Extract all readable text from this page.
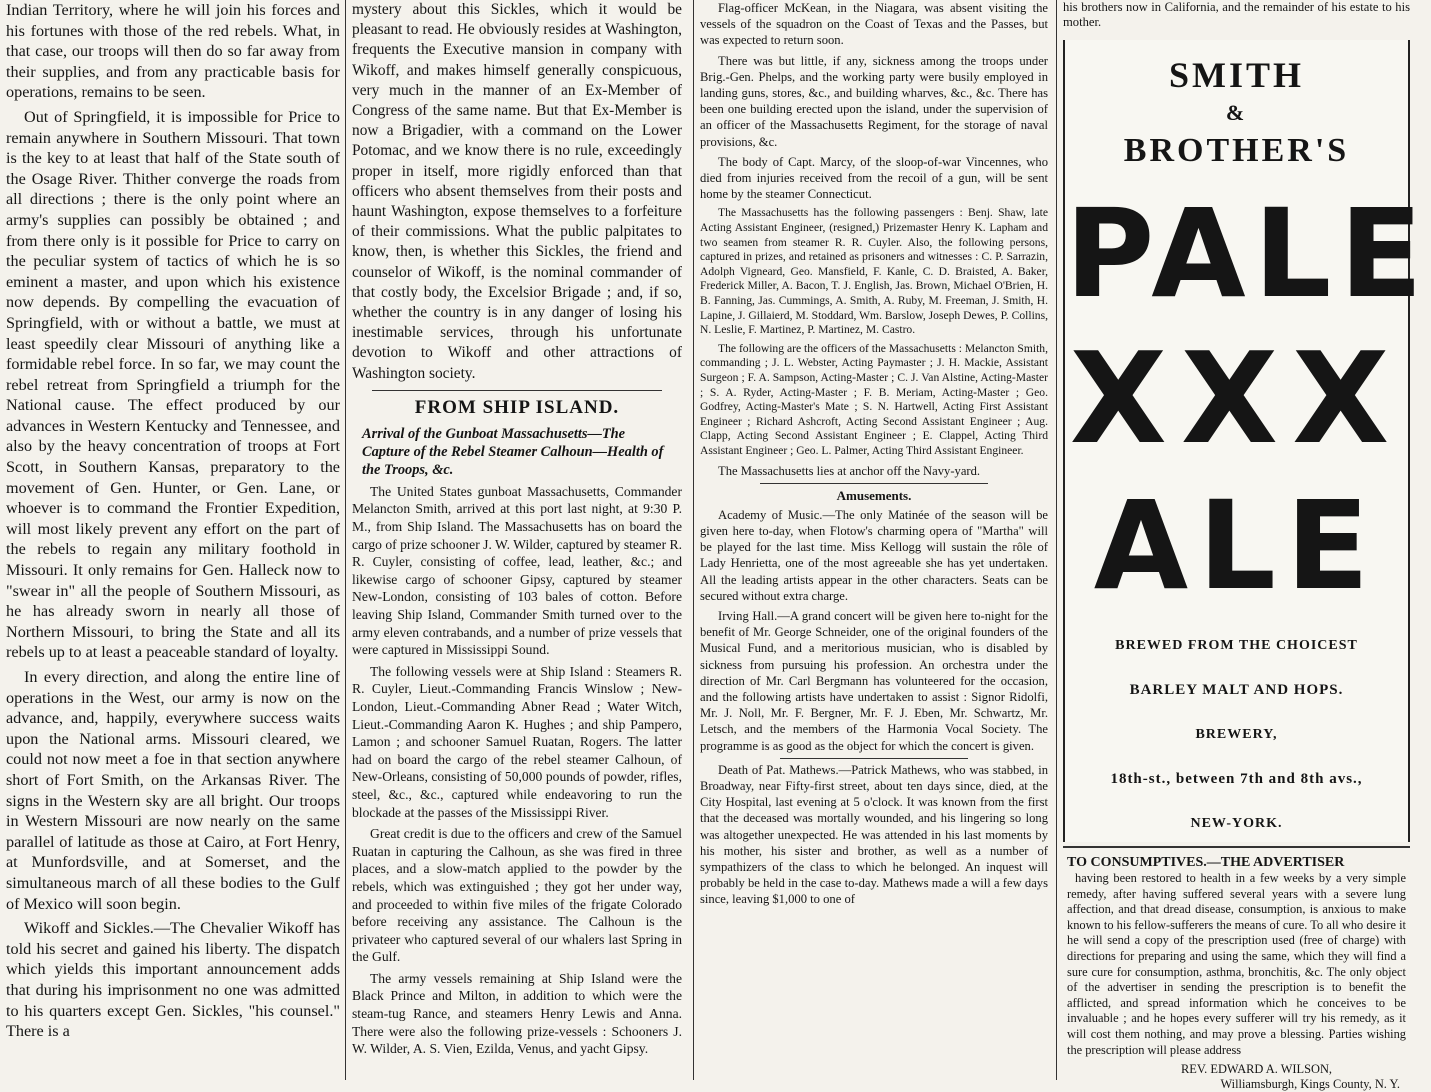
Indian Territory, where he will join his forces and his fortunes with those of the red rebels. What, in that case, our troops will then do so far away from their supplies, and from any practicable basis for operations, remains to be seen.

Out of Springfield, it is impossible for Price to remain anywhere in Southern Missouri. That town is the key to at least that half of the State south of the Osage River. Thither converge the roads from all directions ; there is the only point where an army's supplies can possibly be obtained ; and from there only is it possible for Price to carry on the peculiar system of tactics of which he is so eminent a master, and upon which his existence now depends. By compelling the evacuation of Springfield, with or without a battle, we must at least speedily clear Missouri of anything like a formidable rebel force. In so far, we may count the rebel retreat from Springfield a triumph for the National cause. The effect produced by our advances in Western Kentucky and Tennessee, and also by the heavy concentration of troops at Fort Scott, in Southern Kansas, preparatory to the movement of Gen. Hunter, or Gen. Lane, or whoever is to command the Frontier Expedition, will most likely prevent any effort on the part of the rebels to regain any military foothold in Missouri. It only remains for Gen. Halleck now to "swear in" all the people of Southern Missouri, as he has already sworn in nearly all those of Northern Missouri, to bring the State and all its rebels up to at least a peaceable standard of loyalty.

In every direction, and along the entire line of operations in the West, our army is now on the advance, and, happily, everywhere success waits upon the National arms. Missouri cleared, we could not now meet a foe in that section anywhere short of Fort Smith, on the Arkansas River. The signs in the Western sky are all bright. Our troops in Western Missouri are now nearly on the same parallel of latitude as those at Cairo, at Fort Henry, at Munfordsville, and at Somerset, and the simultaneous march of all these bodies to the Gulf of Mexico will soon begin.

Wikoff and Sickles.—The Chevalier Wikoff has told his secret and gained his liberty. The dispatch which yields this important announcement adds that during his imprisonment no one was admitted to his quarters except Gen. Sickles, "his counsel." There is a

mystery about this Sickles, which it would be pleasant to read. He obviously resides at Washington, frequents the Executive mansion in company with Wikoff, and makes himself generally conspicuous, very much in the manner of an Ex-Member of Congress of the same name. But that Ex-Member is now a Brigadier, with a command on the Lower Potomac, and we know there is no rule, exceedingly proper in itself, more rigidly enforced than that officers who absent themselves from their posts and haunt Washington, expose themselves to a forfeiture of their commissions. What the public palpitates to know, then, is whether this Sickles, the friend and counselor of Wikoff, is the nominal commander of that costly body, the Excelsior Brigade ; and, if so, whether the country is in any danger of losing his inestimable services, through his unfortunate devotion to Wikoff and other attractions of Washington society.

FROM SHIP ISLAND.
Arrival of the Gunboat Massachusetts—The Capture of the Rebel Steamer Calhoun—Health of the Troops, &c.

The United States gunboat Massachusetts, Commander Melancton Smith, arrived at this port last night, at 9:30 P. M., from Ship Island. The Massachusetts has on board the cargo of prize schooner J. W. Wilder, captured by steamer R. R. Cuyler, consisting of coffee, lead, leather, &c.; and likewise cargo of schooner Gipsy, captured by steamer New-London, consisting of 103 bales of cotton. Before leaving Ship Island, Commander Smith turned over to the army eleven contrabands, and a number of prize vessels that were captured in Mississippi Sound.

The following vessels were at Ship Island : Steamers R. R. Cuyler, Lieut.-Commanding Francis Winslow ; New-London, Lieut.-Commanding Abner Read ; Water Witch, Lieut.-Commanding Aaron K. Hughes ; and ship Pampero, Lamon ; and schooner Samuel Ruatan, Rogers. The latter had on board the cargo of the rebel steamer Calhoun, of New-Orleans, consisting of 50,000 pounds of powder, rifles, steel, &c., &c., captured while endeavoring to run the blockade at the passes of the Mississippi River.

Great credit is due to the officers and crew of the Samuel Ruatan in capturing the Calhoun, as she was fired in three places, and a slow-match applied to the powder by the rebels, which was extinguished ; they got her under way, and proceeded to within five miles of the frigate Colorado before receiving any assistance. The Calhoun is the privateer who captured several of our whalers last Spring in the Gulf.

The army vessels remaining at Ship Island were the Black Prince and Milton, in addition to which were the steam-tug Rance, and steamers Henry Lewis and Anna. There were also the following prize-vessels : Schooners J. W. Wilder, A. S. Vien, Ezilda, Venus, and yacht Gipsy.

Flag-officer McKean, in the Niagara, was absent visiting the vessels of the squadron on the Coast of Texas and the Passes, but was expected to return soon.

There was but little, if any, sickness among the troops under Brig.-Gen. Phelps, and the working party were busily employed in landing guns, stores, &c., and building wharves, &c., &c. There has been one building erected upon the island, under the supervision of an officer of the Massachusetts Regiment, for the storage of naval provisions, &c.

The body of Capt. Marcy, of the sloop-of-war Vincennes, who died from injuries received from the recoil of a gun, will be sent home by the steamer Connecticut.

The Massachusetts has the following passengers : Benj. Shaw, late Acting Assistant Engineer, (resigned,) Prizemaster Henry K. Lapham and two seamen from steamer R. R. Cuyler. Also, the following persons, captured in prizes, and retained as prisoners and witnesses : C. P. Sarrazin, Adolph Vigneard, Geo. Mansfield, F. Kanle, C. D. Braisted, A. Baker, Frederick Miller, A. Bacon, T. J. English, Jas. Brown, Michael O'Brien, H. B. Fanning, Jas. Cummings, A. Smith, A. Ruby, M. Freeman, J. Smith, H. Lapine, J. Gillaierd, M. Stoddard, Wm. Barslow, Joseph Dewes, P. Collins, N. Leslie, F. Martinez, P. Martinez, M. Castro.

The following are the officers of the Massachusetts : Melancton Smith, commanding ; J. L. Webster, Acting Paymaster ; J. H. Mackie, Assistant Surgeon ; F. A. Sampson, Acting-Master ; C. J. Van Alstine, Acting-Master ; S. A. Ryder, Acting-Master ; F. B. Meriam, Acting-Master ; Geo. Godfrey, Acting-Master's Mate ; S. N. Hartwell, Acting First Assistant Engineer ; Richard Ashcroft, Acting Second Assistant Engineer ; Aug. Clapp, Acting Second Assistant Engineer ; E. Clappel, Acting Third Assistant Engineer ; Geo. L. Palmer, Acting Third Assistant Engineer.

The Massachusetts lies at anchor off the Navy-yard.

Amusements.

Academy of Music.—The only Matinée of the season will be given here to-day, when Flotow's charming opera of "Martha" will be played for the last time. Miss Kellogg will sustain the rôle of Lady Henrietta, one of the most agreeable she has yet undertaken. All the leading artists appear in the other characters. Seats can be secured without extra charge.

Irving Hall.—A grand concert will be given here to-night for the benefit of Mr. George Schneider, one of the original founders of the Musical Fund, and a meritorious musician, who is disabled by sickness from pursuing his profession. An orchestra under the direction of Mr. Carl Bergmann has volunteered for the occasion, and the following artists have undertaken to assist : Signor Ridolfi, Mr. J. Noll, Mr. F. Bergner, Mr. F. J. Eben, Mr. Schwartz, Mr. Letsch, and the members of the Harmonia Vocal Society. The programme is as good as the object for which the concert is given.

Death of Pat. Mathews.—Patrick Mathews, who was stabbed, in Broadway, near Fifty-first street, about ten days since, died, at the City Hospital, last evening at 5 o'clock. It was known from the first that the deceased was mortally wounded, and his lingering so long was altogether unexpected. He was attended in his last moments by his mother, his sister and brother, as well as a number of sympathizers of the class to which he belonged. An inquest will probably be held in the case to-day. Mathews made a will a few days since, leaving $1,000 to one of

his brothers now in California, and the remainder of his estate to his mother.

SMITH
&
BROTHER'S
PALE
XXX
ALE
BREWED FROM THE CHOICEST
BARLEY MALT AND HOPS.
BREWERY,
18th-st., between 7th and 8th avs.,
NEW-YORK.
TO CONSUMPTIVES.—THE ADVERTISER

having been restored to health in a few weeks by a very simple remedy, after having suffered several years with a severe lung affection, and that dread disease, consumption, is anxious to make known to his fellow-sufferers the means of cure. To all who desire it he will send a copy of the prescription used (free of charge) with directions for preparing and using the same, which they will find a sure cure for consumption, asthma, bronchitis, &c. The only object of the advertiser in sending the prescription is to benefit the afflicted, and spread information which he conceives to be invaluable ; and he hopes every sufferer will try his remedy, as it will cost them nothing, and may prove a blessing. Parties wishing the prescription will please address

REV. EDWARD A. WILSON,
Williamsburgh, Kings County, N. Y.
